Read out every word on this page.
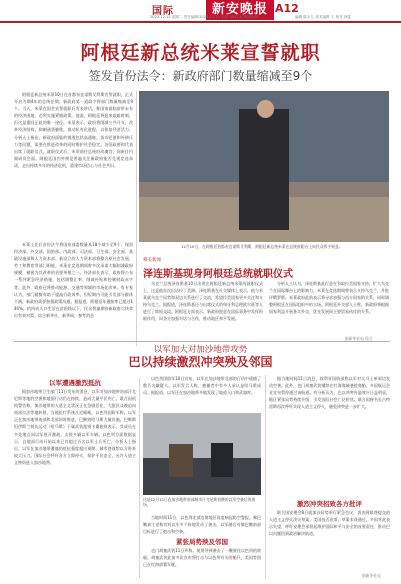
国际	新安晚报 A12
2023.12.12 星期二 责任编辑/2023-12-12 电话 0551-62624000	编辑 陈永九 美术编辑 王 校对 徐雯
阿根廷新总统米莱宣誓就职
签发首份法令：新政府部门数量缩减至9个

阿根廷新总统米莱10日在首都布宜诺斯艾利斯宣誓就职，正式开启为期4年的总统任期。新政府第一道政令将部门数量缩减至9个。当天，米莱在国会宣誓就职后发表讲话，称国家面临前所未有的经济困境，必须实施紧缩政策。他说，阿根廷将迎来艰难时刻，但这是重回正轨的唯一途径。米莱表示，政府将削减公共开支，改革经济结构，抑制通货膨胀，推动私有化进程，以恢复经济活力。分析人士指出，新政府面临的挑战包括高通胀、货币贬值和外债压力等问题，需要在推进改革的同时维护社会稳定。各国政要和代表出席了就职仪式。就职仪式后，米莱前往总统府玫瑰宫，同新任内阁成员会面。阿根廷国内外舆论普遍关注新政府能否兑现竞选承诺，走出持续多年的经济危机，重建市场信心与社会共识。

米莱上任后首份法令将国家部委数量从18个减少至9个，保留经济部、外交部、国防部、内政部、司法部、卫生部、安全部、基础设施部和人力资本部。新设立的人力资本部将整合原社会发展、劳工和教育等部门职能。米莱在竞选期间曾多次承诺大幅削减政府规模，被视为其改革的首要举措之一。经济部长表示，政府将公布一系列紧急经济措施，包括调整汇率、削减补贴和控制财政赤字等。此外，政府还将推动能源、交通等领域的市场化改革。有专家认为，部门精简有助于提高行政效率，但短期内可能引发部分群体不满，新政府需要加强政策沟通。据报道，阿根廷年通胀率已超过140%，约四成人口生活在贫困线以下，民众普遍期待新政府尽快拿出有效对策。综合新华社、新华网、参考消息

12月10日，在阿根廷首都布宜诺斯艾利斯，阿根廷新总统米莱在总统府阳台上向民众挥手致意。
相关新闻
泽连斯基现身阿根廷总统就职仪式

乌克兰总统泽连斯基10日出现在阿根廷新总统米莱的就职仪式上，这是他首次出访拉丁美洲。泽连斯基在社交媒体上表示，他与米莱就乌克兰局势和双边关系进行了交流，希望拉美国家更多关注和支持乌克兰。据报道，泽连斯基还与出席仪式的匈牙利总理欧尔班等人进行了简短交谈。阿根廷方面表示，新政府愿意在国际事务中发挥积极作用，同各方加强对话与合作，推动地区和平发展。

分析人士认为，泽连斯基此行意在争取拉美国家支持，扩大乌克兰在国际舞台上的影响力。米莱在竞选期间曾表示支持乌克兰，并批评俄罗斯。米莱政府此前表示将寻求加强与西方国家的关系，同时调整阿根廷在国际组织中的立场。阿根廷外交部人士称，新政府将根据国家利益开展务实外交，优先发展同主要贸易伙伴的关系。

据新华社电 综合
以军加大对加沙地带攻势
巴以持续激烈冲突殃及邻国
以军遭遇激烈抵抗

据加沙地带卫生部门11日发布的消息，以军对加沙地带南部汗尤尼斯等地的空袭和地面行动仍在持续，造成大量平民伤亡。联合国机构警告称，加沙地带的人道主义状况正在急剧恶化，大批民众被迫向南部拉法等地转移，当地医疗系统几近瘫痪。以色列国防军称，以军正在加沙地带南部和北部同时推进，已摧毁哈马斯大量设施。巴勒斯坦伊斯兰抵抗运动（哈马斯）下属武装派别卡桑旅则表示，其成员在多处地点同以军展开激战，击毁多辆以军车辆。以色列方面数据显示，自地面行动开始以来已有超过百名以军士兵死亡。分析人士指出，以军在加沙地带遭遇的抵抗强度超出预期，城市巷战给以方带来较大压力。国际社会呼吁各方立即停火，保护平民安全，允许人道主义物资进入加沙地带。

以色列国防军10日宣布，以军在加沙地带北部的行动中逮捕了数百名嫌疑人。以军发言人称，被捕者中有多人承认是哈马斯成员。据报道，以军还在加沙地带多地发现了地道入口和武器库。

这是12月11日在加沙地带南部城市汗尤尼斯拍摄的以军空袭后的现场。

当地时间11日，以色列北部边境地区再度响起防空警报。黎巴嫩真主党称其对以军多个阵地发动了袭击，以军随后对黎巴嫩南部目标进行了炮击和空袭。

紧张局势殃及邻国

也门胡塞武装11日声称，使用导弹袭击了一艘驶往以色列的商船。胡塞武装此前多次宣布将打击与以色列有关的船只，美国等国已在红海部署军舰。

据当地时间11日消息，叙利亚国防部称以军对大马士革周边发动空袭。此外，也门胡塞武装继续在红海海域袭扰商船，多国航运企业宣布暂停通过该航道。有分析认为，巴以冲突外溢效应日益明显，地区紧张局势持续升级，引发国际社会广泛担忧。联合国秘书长古特雷斯再次呼吁实现人道主义停火，避免冲突进一步扩大。

激烈冲突招致各方批评

联合国安理会8日就加沙局势举行紧急会议，表决阿联酋提交的人道主义停火决议草案，美国投否决票，草案未获通过。多国对此表示失望，呼吁安理会承担起维护国际和平与安全的首要责任，推动巴以问题回到政治解决轨道。

据新华社电
